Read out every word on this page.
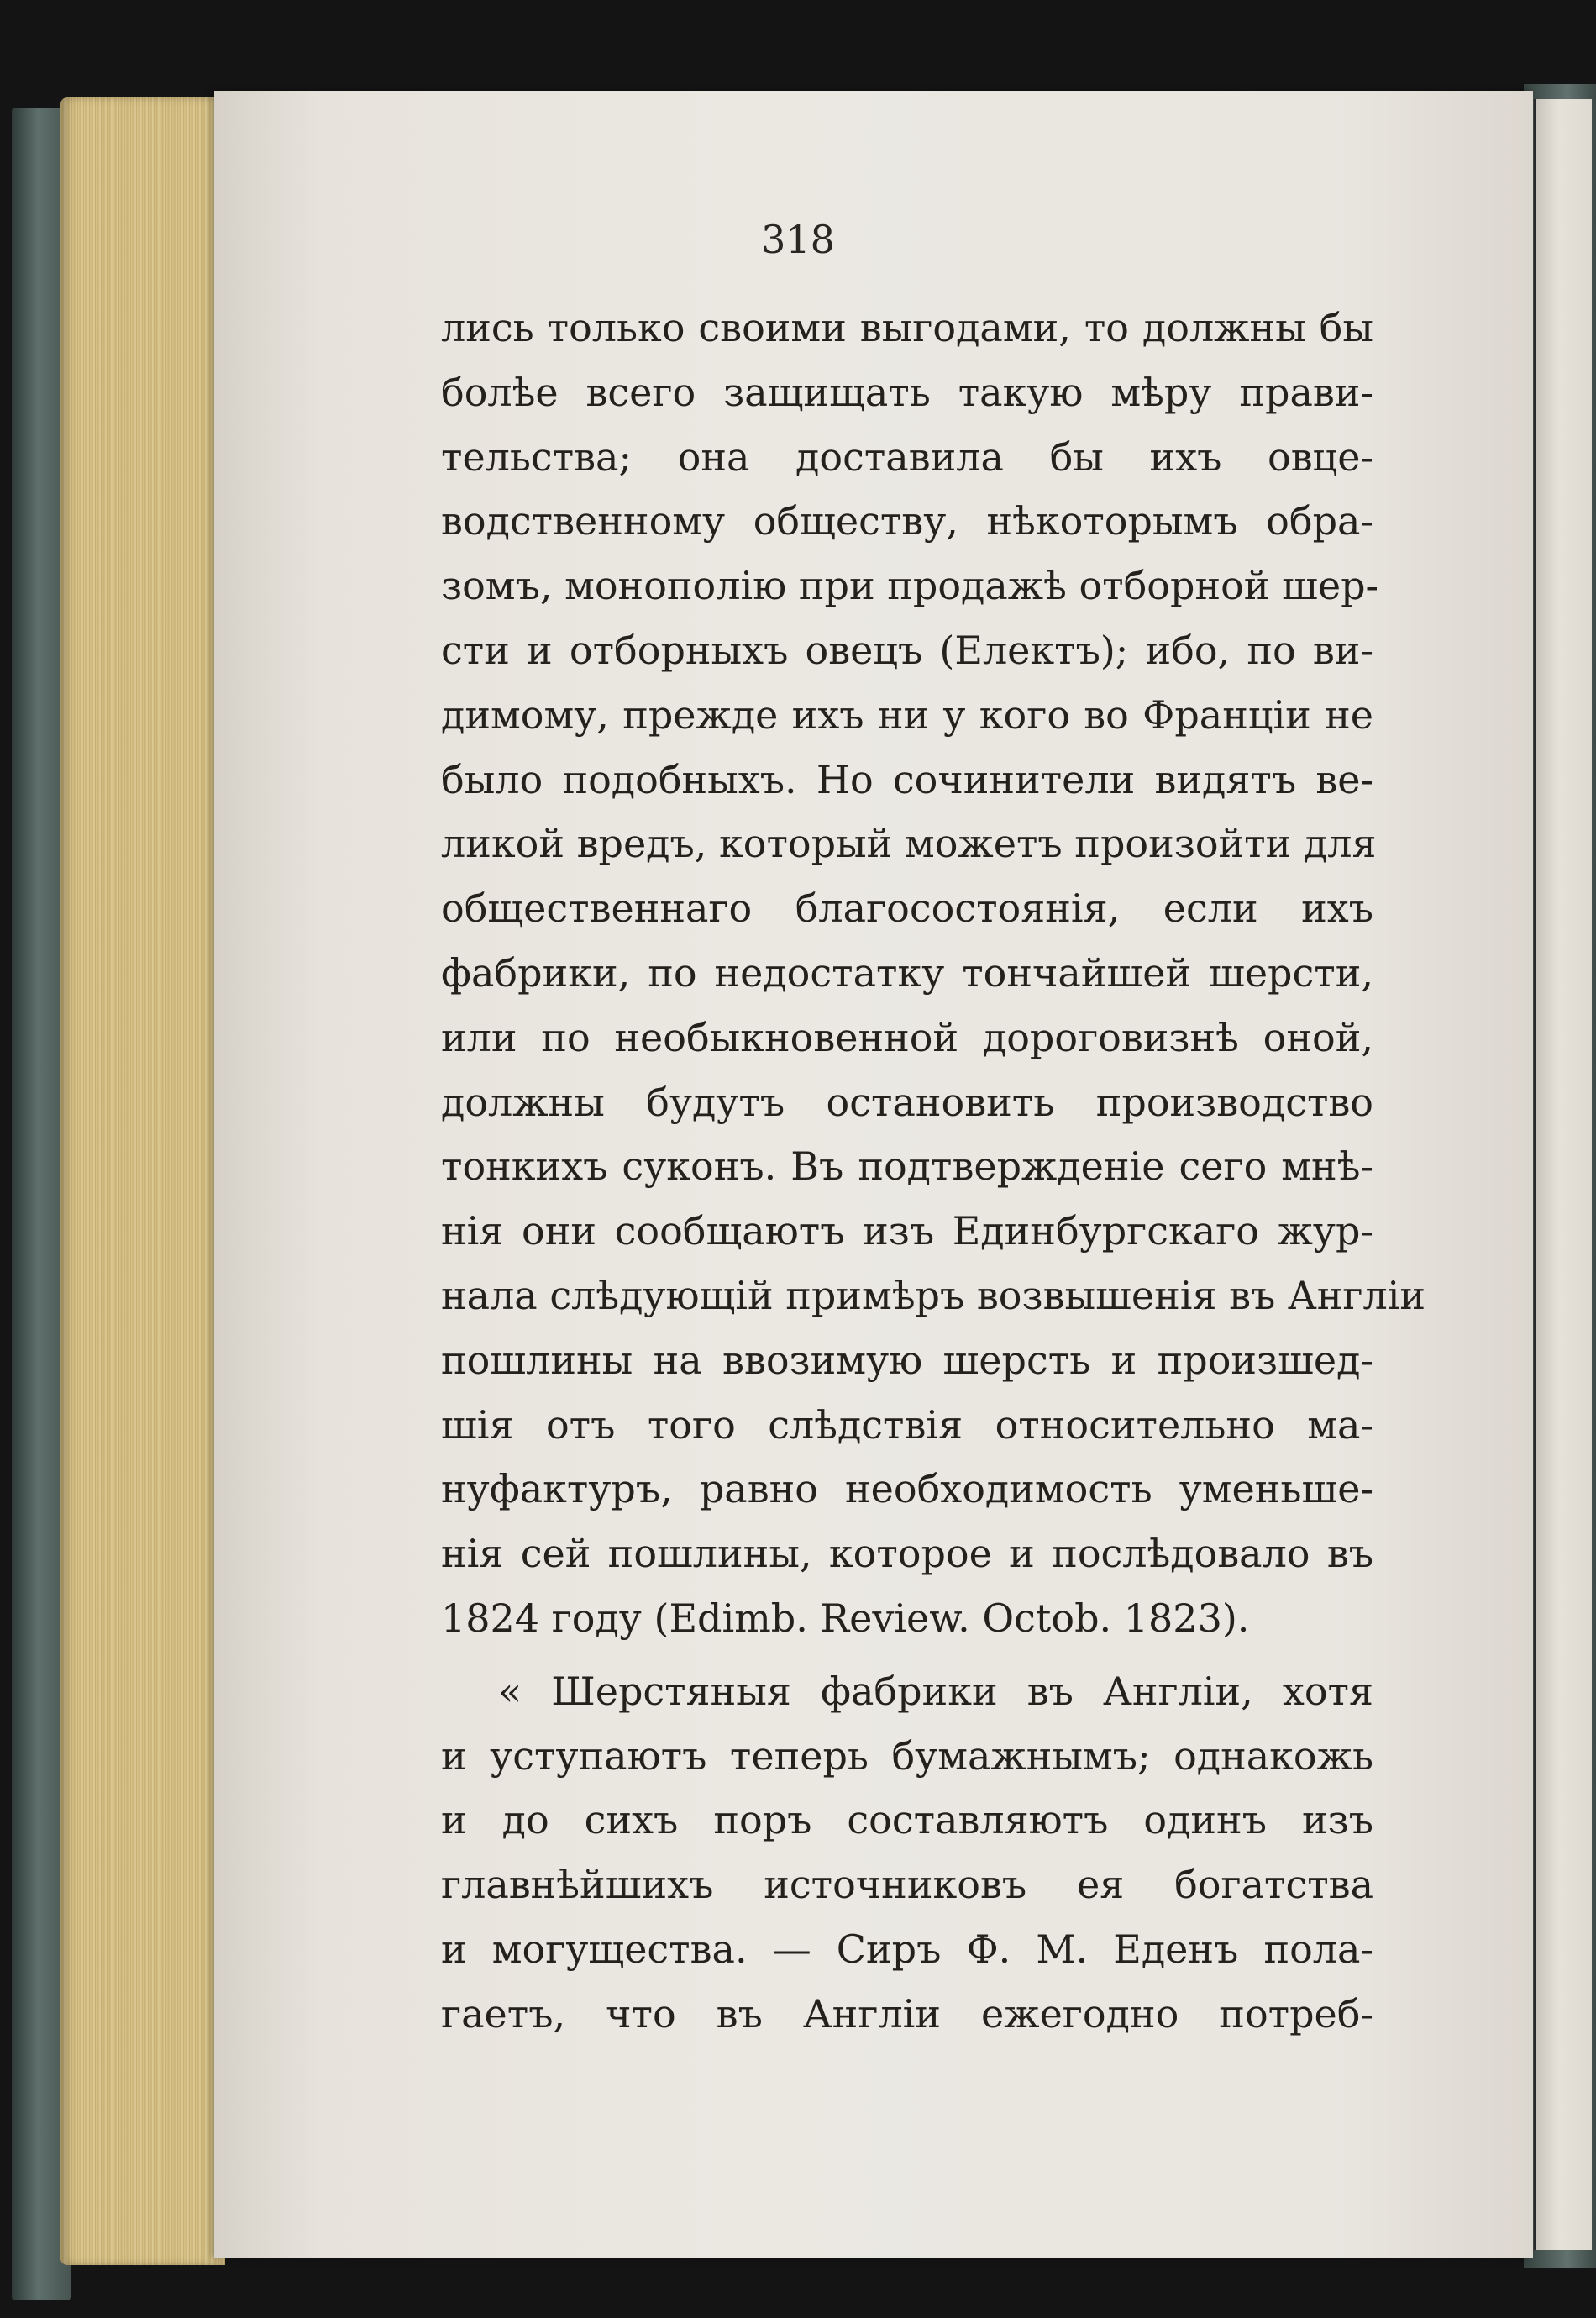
318
лись только своими выгодами, то должны бы
болѣе всего защищать такую мѣру прави-
тельства; она доставила бы ихъ овце-
водственному обществу, нѣкоторымъ обра-
зомъ, монополію при продажѣ отборной шер-
сти и отборныхъ овецъ (Електъ); ибо, по ви-
димому, прежде ихъ ни у кого во Франціи не
было подобныхъ. Но сочинители видятъ ве-
ликой вредъ, который можетъ произойти для
общественнаго благосостоянія, если ихъ
фабрики, по недостатку тончайшей шерсти,
или по необыкновенной дороговизнѣ оной,
должны будутъ остановить производство
тонкихъ суконъ. Въ подтвержденіе сего мнѣ-
нія они сообщаютъ изъ Единбургскаго жур-
нала слѣдующій примѣръ возвышенія въ Англіи
пошлины на ввозимую шерсть и произшед-
шія отъ того слѣдствія относительно ма-
нуфактуръ, равно необходимость уменьше-
нія сей пошлины, которое и послѣдовало въ
1824 году (Edimb. Review. Octob. 1823).
« Шерстяныя фабрики въ Англіи, хотя
и уступаютъ теперь бумажнымъ; однакожь
и до сихъ поръ составляютъ одинъ изъ
главнѣйшихъ источниковъ ея богатства
и могущества. — Сиръ Ф. М. Еденъ пола-
гаетъ, что въ Англіи ежегодно потреб-
